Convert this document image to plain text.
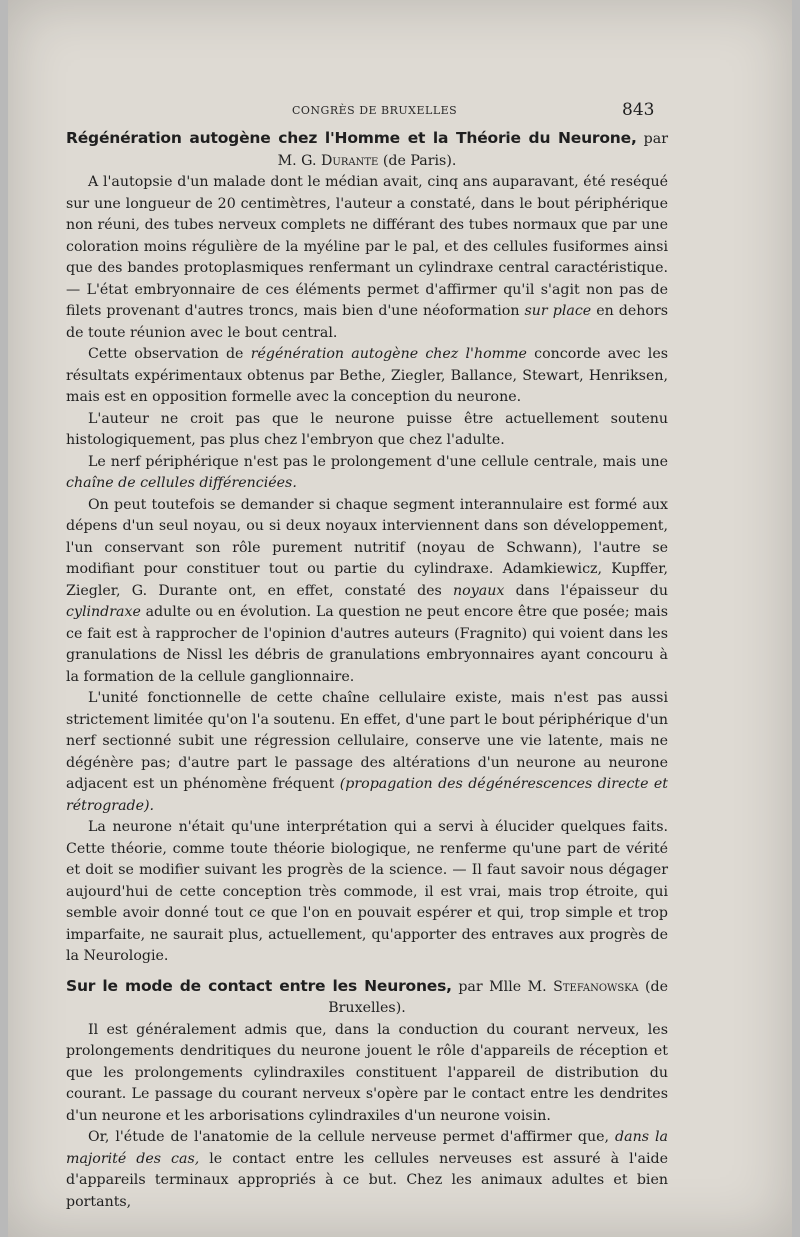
CONGRÈS DE BRUXELLES	843
Régénération autogène chez l'Homme et la Théorie du Neurone, par M. G. Durante (de Paris).

A l'autopsie d'un malade dont le médian avait, cinq ans auparavant, été reséqué sur une longueur de 20 centimètres, l'auteur a constaté, dans le bout périphérique non réuni, des tubes nerveux complets ne différant des tubes normaux que par une coloration moins régulière de la myéline par le pal, et des cellules fusiformes ainsi que des bandes protoplasmiques renfermant un cylindraxe central caractéristique. — L'état embryonnaire de ces éléments permet d'affirmer qu'il s'agit non pas de filets provenant d'autres troncs, mais bien d'une néoformation sur place en dehors de toute réunion avec le bout central.

Cette observation de régénération autogène chez l'homme concorde avec les résultats expérimentaux obtenus par Bethe, Ziegler, Ballance, Stewart, Henriksen, mais est en opposition formelle avec la conception du neurone.

L'auteur ne croit pas que le neurone puisse être actuellement soutenu histologiquement, pas plus chez l'embryon que chez l'adulte.

Le nerf périphérique n'est pas le prolongement d'une cellule centrale, mais une chaîne de cellules différenciées.

On peut toutefois se demander si chaque segment interannulaire est formé aux dépens d'un seul noyau, ou si deux noyaux interviennent dans son développement, l'un conservant son rôle purement nutritif (noyau de Schwann), l'autre se modifiant pour constituer tout ou partie du cylindraxe. Adamkiewicz, Kupffer, Ziegler, G. Durante ont, en effet, constaté des noyaux dans l'épaisseur du cylindraxe adulte ou en évolution. La question ne peut encore être que posée; mais ce fait est à rapprocher de l'opinion d'autres auteurs (Fragnito) qui voient dans les granulations de Nissl les débris de granulations embryonnaires ayant concouru à la formation de la cellule ganglionnaire.

L'unité fonctionnelle de cette chaîne cellulaire existe, mais n'est pas aussi strictement limitée qu'on l'a soutenu. En effet, d'une part le bout périphérique d'un nerf sectionné subit une régression cellulaire, conserve une vie latente, mais ne dégénère pas; d'autre part le passage des altérations d'un neurone au neurone adjacent est un phénomène fréquent (propagation des dégénérescences directe et rétrograde).

La neurone n'était qu'une interprétation qui a servi à élucider quelques faits. Cette théorie, comme toute théorie biologique, ne renferme qu'une part de vérité et doit se modifier suivant les progrès de la science. — Il faut savoir nous dégager aujourd'hui de cette conception très commode, il est vrai, mais trop étroite, qui semble avoir donné tout ce que l'on en pouvait espérer et qui, trop simple et trop imparfaite, ne saurait plus, actuellement, qu'apporter des entraves aux progrès de la Neurologie.

Sur le mode de contact entre les Neurones, par Mlle M. Stefanowska (de Bruxelles).

Il est généralement admis que, dans la conduction du courant nerveux, les prolongements dendritiques du neurone jouent le rôle d'appareils de réception et que les prolongements cylindraxiles constituent l'appareil de distribution du courant. Le passage du courant nerveux s'opère par le contact entre les dendrites d'un neurone et les arborisations cylindraxiles d'un neurone voisin.

Or, l'étude de l'anatomie de la cellule nerveuse permet d'affirmer que, dans la majorité des cas, le contact entre les cellules nerveuses est assuré à l'aide d'appareils terminaux appropriés à ce but. Chez les animaux adultes et bien portants,
